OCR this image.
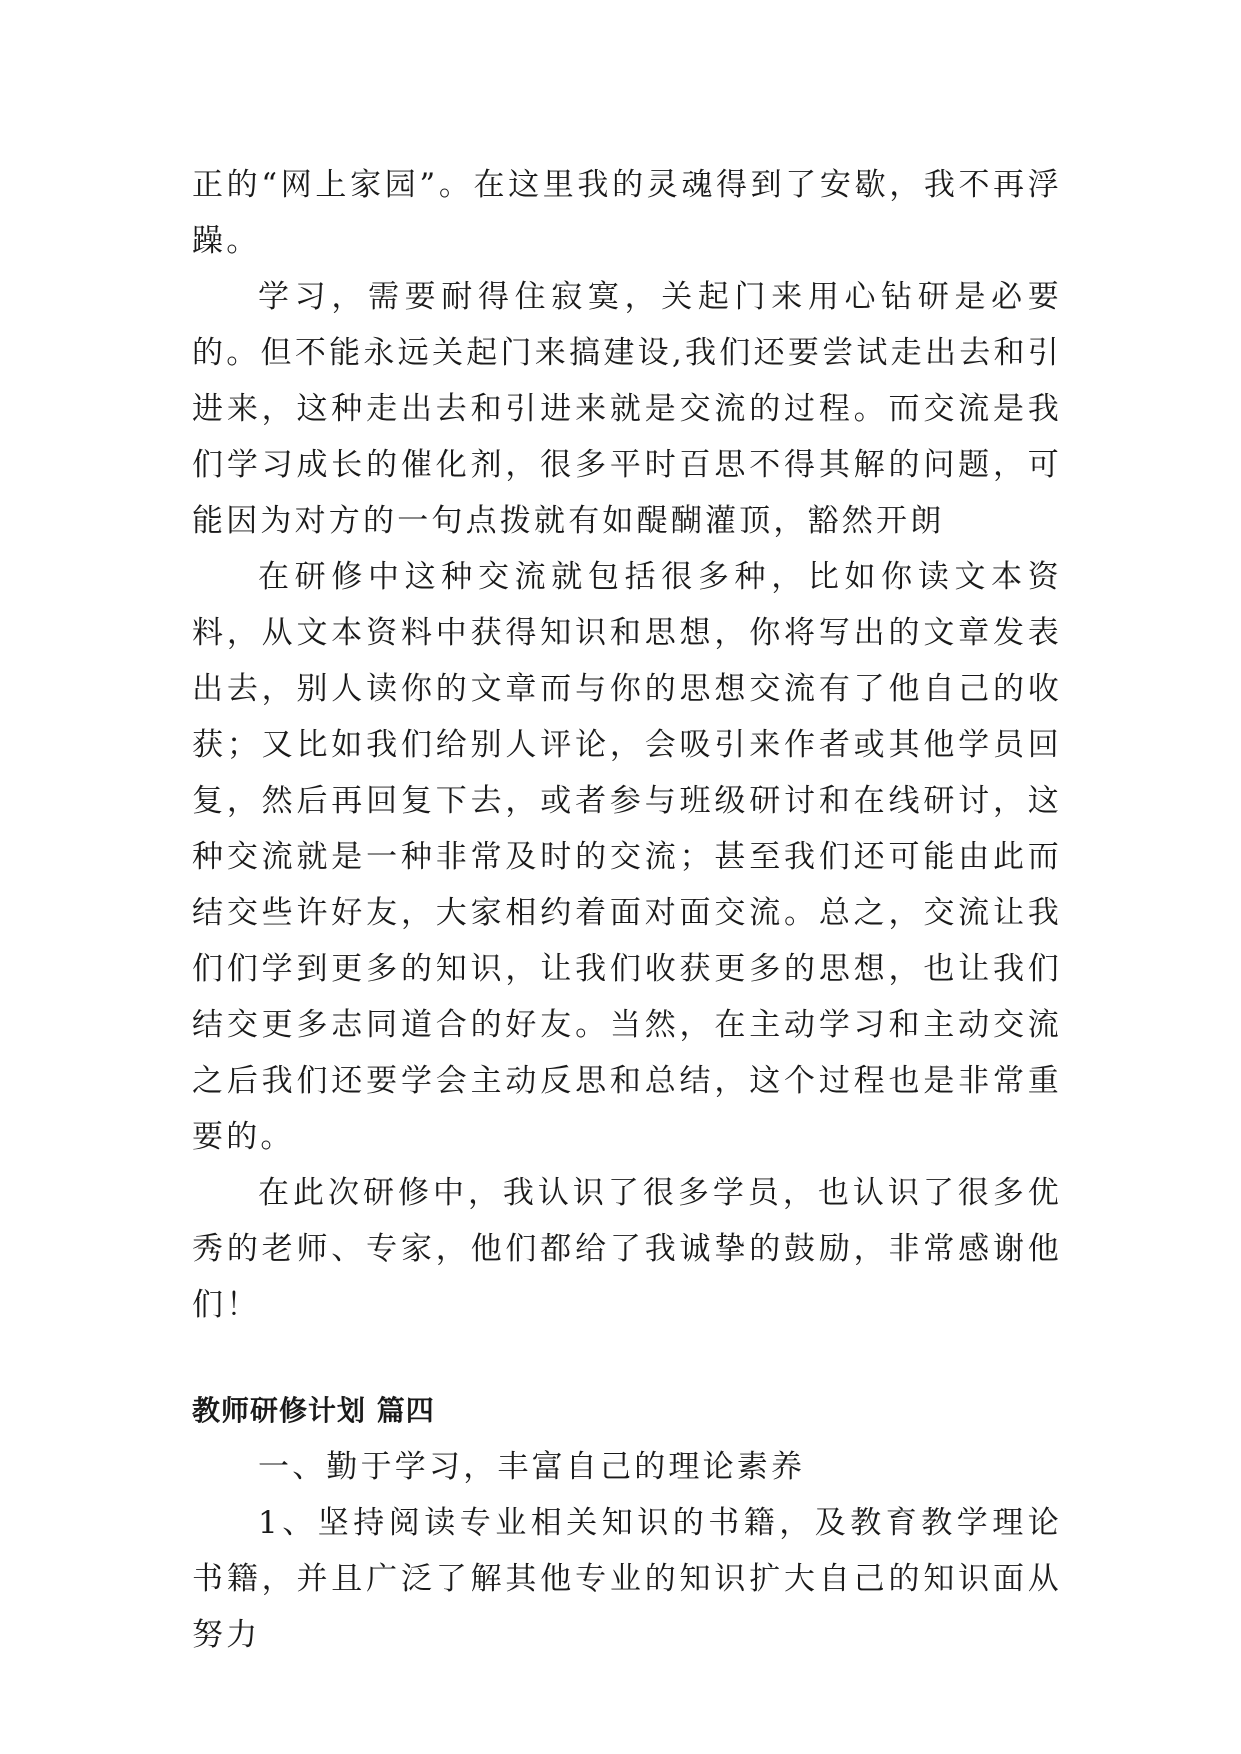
正的“网上家园”。在这里我的灵魂得到了安歇，我不再浮躁。

学习，需要耐得住寂寞，关起门来用心钻研是必要的。但不能永远关起门来搞建设,我们还要尝试走出去和引进来，这种走出去和引进来就是交流的过程。而交流是我们学习成长的催化剂，很多平时百思不得其解的问题，可能因为对方的一句点拨就有如醍醐灌顶，豁然开朗

在研修中这种交流就包括很多种，比如你读文本资料，从文本资料中获得知识和思想，你将写出的文章发表出去，别人读你的文章而与你的思想交流有了他自己的收获；又比如我们给别人评论，会吸引来作者或其他学员回复，然后再回复下去，或者参与班级研讨和在线研讨，这种交流就是一种非常及时的交流；甚至我们还可能由此而结交些许好友，大家相约着面对面交流。总之，交流让我们们学到更多的知识，让我们收获更多的思想，也让我们结交更多志同道合的好友。当然，在主动学习和主动交流之后我们还要学会主动反思和总结，这个过程也是非常重要的。

在此次研修中，我认识了很多学员，也认识了很多优秀的老师、专家，他们都给了我诚挚的鼓励，非常感谢他们！

教师研修计划 篇四

一、勤于学习，丰富自己的理论素养

1、坚持阅读专业相关知识的书籍，及教育教学理论书籍，并且广泛了解其他专业的知识扩大自己的知识面从努力
